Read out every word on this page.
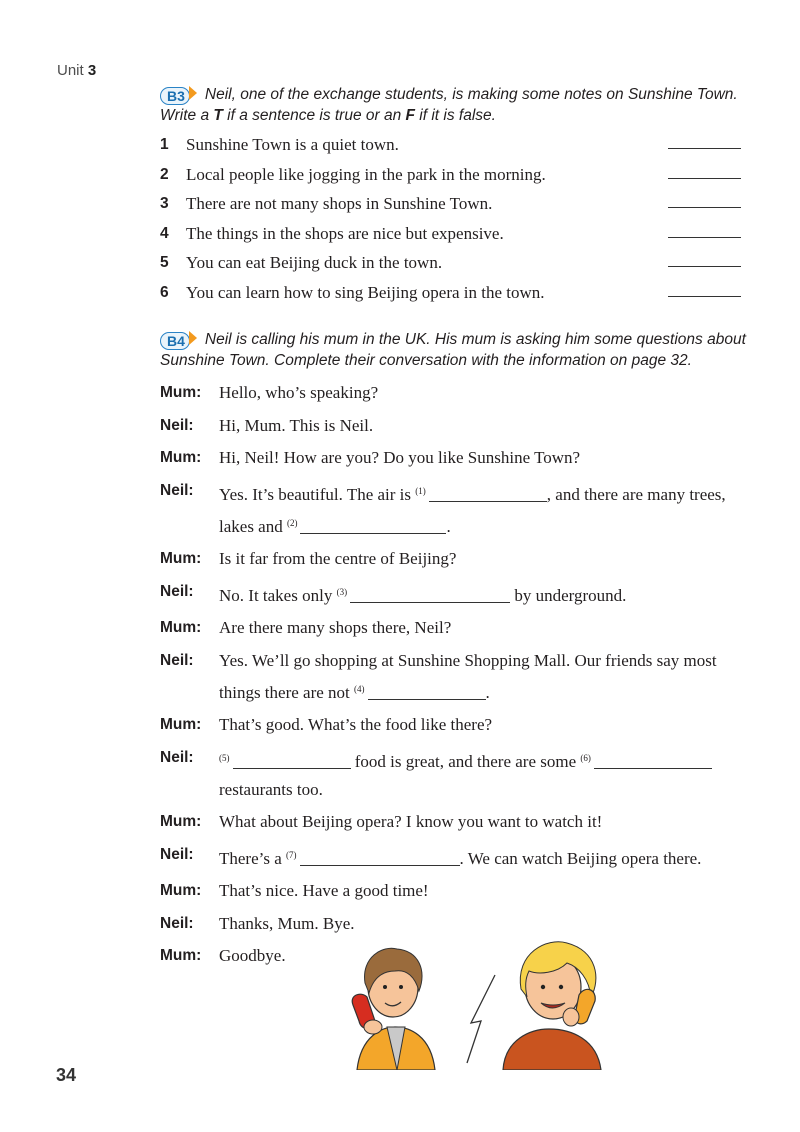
Unit 3
B3 Neil, one of the exchange students, is making some notes on Sunshine Town. Write a T if a sentence is true or an F if it is false.
1 Sunshine Town is a quiet town.
2 Local people like jogging in the park in the morning.
3 There are not many shops in Sunshine Town.
4 The things in the shops are nice but expensive.
5 You can eat Beijing duck in the town.
6 You can learn how to sing Beijing opera in the town.
B4 Neil is calling his mum in the UK. His mum is asking him some questions about Sunshine Town. Complete their conversation with the information on page 32.
Mum: Hello, who’s speaking?
Neil: Hi, Mum. This is Neil.
Mum: Hi, Neil! How are you? Do you like Sunshine Town?
Neil: Yes. It’s beautiful. The air is $^{(1)}$	, and there are many trees, lakes and $^{(2)}$	.
Mum: Is it far from the centre of Beijing?
Neil: No. It takes only $^{(3)}$	by underground.
Mum: Are there many shops there, Neil?
Neil: Yes. We’ll go shopping at Sunshine Shopping Mall. Our friends say most things there are not $^{(4)}$	.
Mum: That’s good. What’s the food like there?
Neil:	$^{(5)}$	food is great, and there are some $^{(6)}$ restaurants too.
Mum: What about Beijing opera? I know you want to watch it!
Neil: There’s a $^{(7)}$	. We can watch Beijing opera there.
Mum: That’s nice. Have a good time!
Neil: Thanks, Mum. Bye.
Mum: Goodbye.
34
